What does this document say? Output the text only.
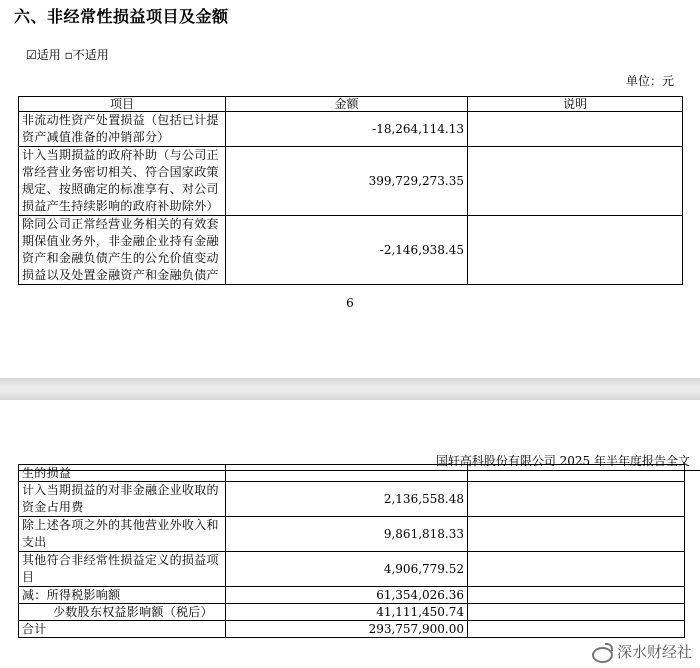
六、非经常性损益项目及金额
☑适用 ▫不适用
单位：元
项目	金额	说明
非流动性资产处置损益（包括已计提资产减值准备的冲销部分）	-18,264,114.13	
计入当期损益的政府补助（与公司正常经营业务密切相关、符合国家政策规定、按照确定的标准享有、对公司损益产生持续影响的政府补助除外）	399,729,273.35	
除同公司正常经营业务相关的有效套期保值业务外，非金融企业持有金融资产和金融负债产生的公允价值变动损益以及处置金融资产和金融负债产	-2,146,938.45	
6
国轩高科股份有限公司 2025 年半年度报告全文
生的损益		
计入当期损益的对非金融企业收取的资金占用费	2,136,558.48	
除上述各项之外的其他营业外收入和支出	9,861,818.33	
其他符合非经常性损益定义的损益项目	4,906,779.52	
减：所得税影响额	61,354,026.36	
少数股东权益影响额（税后）	41,111,450.74	
合计	293,757,900.00	
深水财经社
